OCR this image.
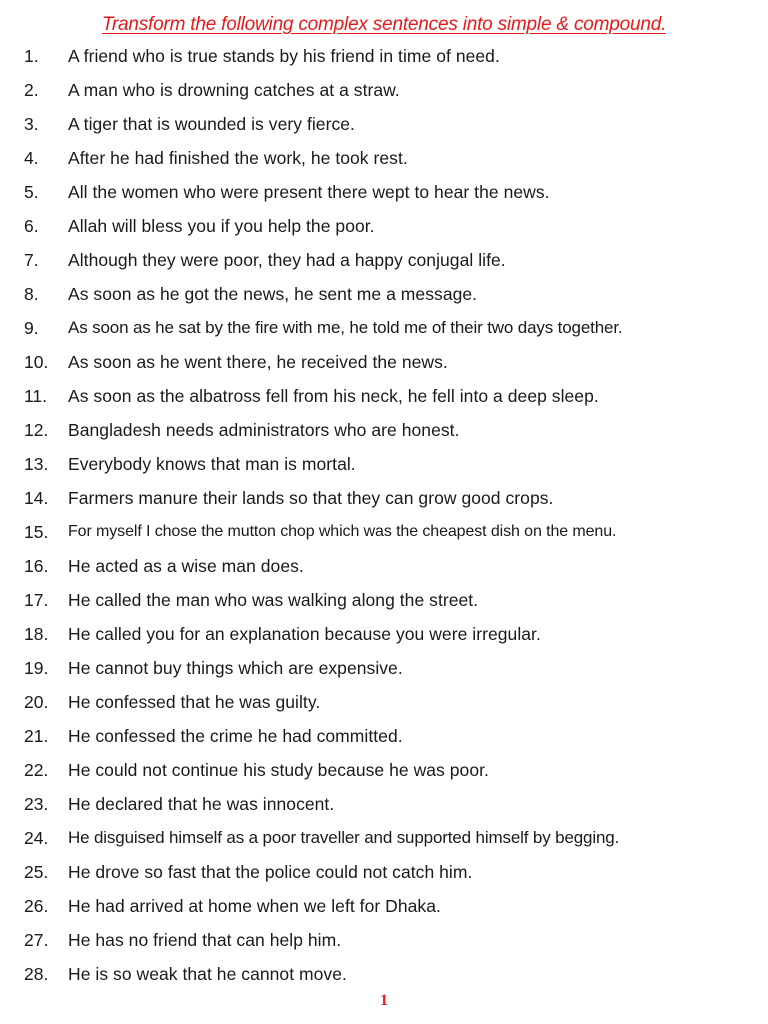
Transform the following complex sentences into simple & compound.
1.	A friend who is true stands by his friend in time of need.
2.	A man who is drowning catches at a straw.
3.	A tiger that is wounded is very fierce.
4.	After he had finished the work, he took rest.
5.	All the women who were present there wept to hear the news.
6.	Allah will bless you if you help the poor.
7.	Although they were poor, they had a happy conjugal life.
8.	As soon as he got the news, he sent me a message.
9.	As soon as he sat by the fire with me, he told me of their two days together.
10.	As soon as he went there, he received the news.
11.	As soon as the albatross fell from his neck, he fell into a deep sleep.
12.	Bangladesh needs administrators who are honest.
13.	Everybody knows that man is mortal.
14.	Farmers manure their lands so that they can grow good crops.
15.	For myself I chose the mutton chop which was the cheapest dish on the menu.
16.	He acted as a wise man does.
17.	He called the man who was walking along the street.
18.	He called you for an explanation because you were irregular.
19.	He cannot buy things which are expensive.
20.	He confessed that he was guilty.
21.	He confessed the crime he had committed.
22.	He could not continue his study because he was poor.
23.	He declared that he was innocent.
24.	He disguised himself as a poor traveller and supported himself by begging.
25.	He drove so fast that the police could not catch him.
26.	He had arrived at home when we left for Dhaka.
27.	He has no friend that can help him.
28.	He is so weak that he cannot move.
1
